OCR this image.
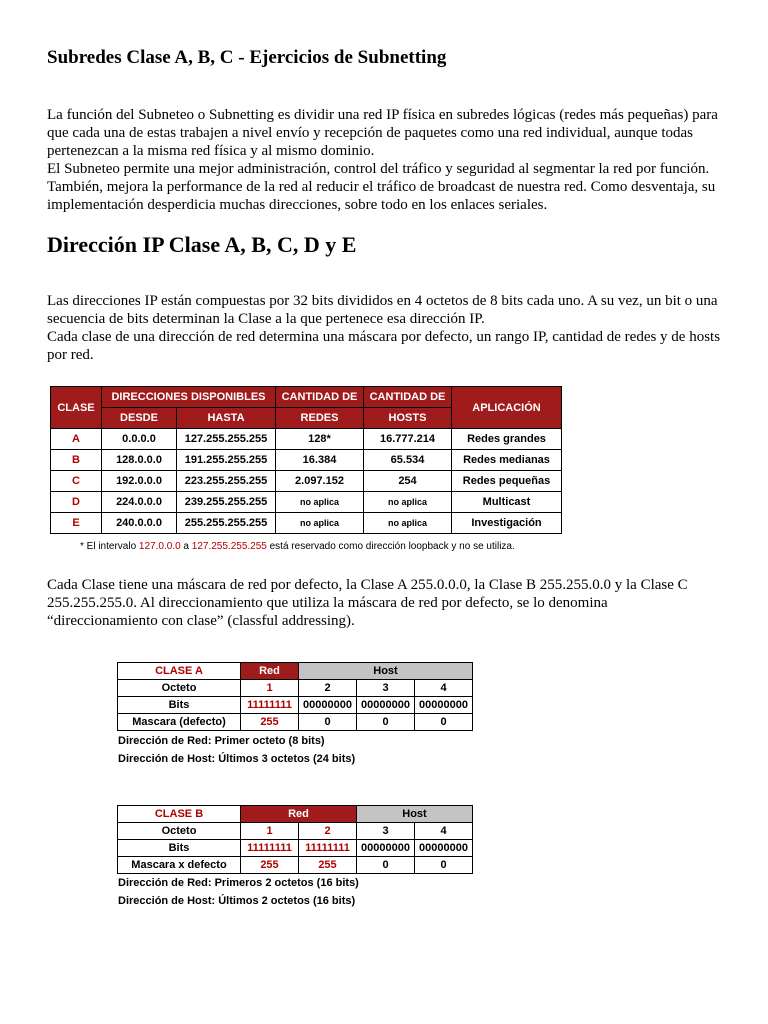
Subredes Clase A, B, C - Ejercicios de Subnetting

La función del Subneteo o Subnetting es dividir una red IP física en subredes lógicas (redes más pequeñas) para que cada una de estas trabajen a nivel envío y recepción de paquetes como una red individual, aunque todas pertenezcan a la misma red física y al mismo dominio.

El Subneteo permite una mejor administración, control del tráfico y seguridad al segmentar la red por función. También, mejora la performance de la red al reducir el tráfico de broadcast de nuestra red. Como desventaja, su implementación desperdicia muchas direcciones, sobre todo en los enlaces seriales.

Dirección IP Clase A, B, C, D y E

Las direcciones IP están compuestas por 32 bits divididos en 4 octetos de 8 bits cada uno. A su vez, un bit o una secuencia de bits determinan la Clase a la que pertenece esa dirección IP.

Cada clase de una dirección de red determina una máscara por defecto, un rango IP, cantidad de redes y de hosts por red.

CLASE	DIRECCIONES DISPONIBLES		CANTIDAD DE	CANTIDAD DE	APLICACIÓN
	DESDE	HASTA	REDES	HOSTS	
A	0.0.0.0	127.255.255.255	128*	16.777.214	Redes grandes
B	128.0.0.0	191.255.255.255	16.384	65.534	Redes medianas
C	192.0.0.0	223.255.255.255	2.097.152	254	Redes pequeñas
D	224.0.0.0	239.255.255.255	no aplica	no aplica	Multicast
E	240.0.0.0	255.255.255.255	no aplica	no aplica	Investigación
* El intervalo 127.0.0.0 a 127.255.255.255 está reservado como dirección loopback y no se utiliza.
Cada Clase tiene una máscara de red por defecto, la Clase A 255.0.0.0, la Clase B 255.255.0.0 y la Clase C 255.255.255.0. Al direccionamiento que utiliza la máscara de red por defecto, se lo denomina
“direccionamiento con clase” (classful addressing).
CLASE A	Red	Host		
Octeto	1	2	3	4
Bits	11111111	00000000	00000000	00000000
Mascara (defecto)	255	0	0	0
Dirección de Red: Primer octeto (8 bits)
Dirección de Host: Últimos 3 octetos (24 bits)
CLASE B	Red		Host	
Octeto	1	2	3	4
Bits	11111111	11111111	00000000	00000000
Mascara x defecto	255	255	0	0
Dirección de Red: Primeros 2 octetos (16 bits)
Dirección de Host: Últimos 2 octetos (16 bits)
